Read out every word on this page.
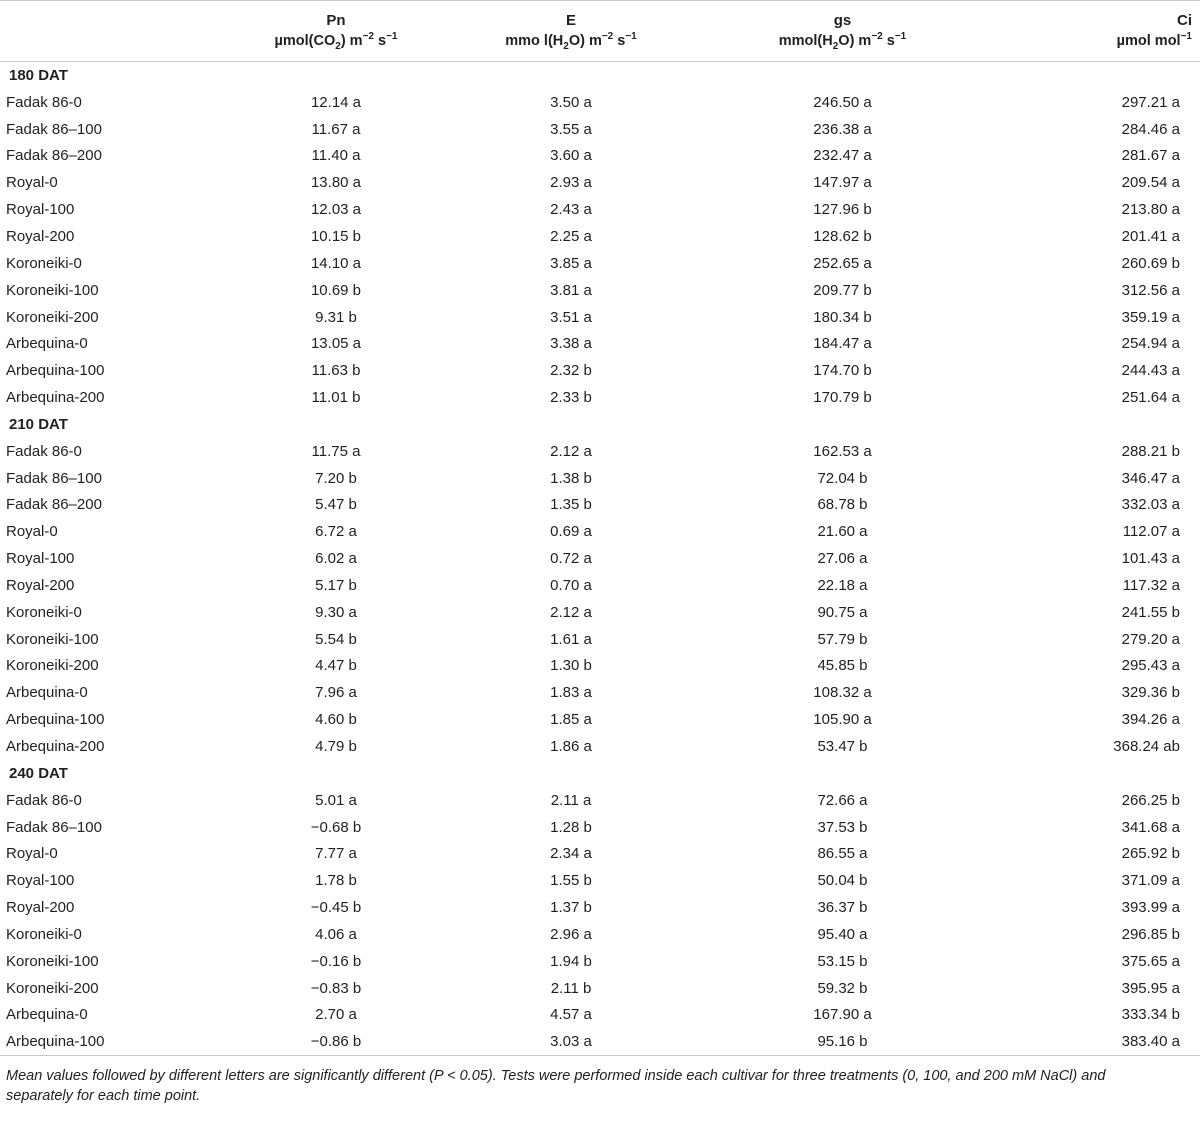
	Pn	E	gs	Ci
	$\mu mol(CO_2)$ $m^{-2}$ $s^{-1}$	mmo $l(H_2O)$ $m^{-2}$ $s^{-1}$	$mmol(H_2O)$ $m^{-2}$ $s^{-1}$	µmol mol$^{-1}$

180 DAT				
Fadak 86-0	12.14 a	3.50 a	246.50 a	297.21 a
Fadak 86–100	11.67 a	3.55 a	236.38 a	284.46 a
Fadak 86–200	11.40 a	3.60 a	232.47 a	281.67 a
Royal-0	13.80 a	2.93 a	147.97 a	209.54 a
Royal-100	12.03 a	2.43 a	127.96 b	213.80 a
Royal-200	10.15 b	2.25 a	128.62 b	201.41 a
Koroneiki-0	14.10 a	3.85 a	252.65 a	260.69 b
Koroneiki-100	10.69 b	3.81 a	209.77 b	312.56 a
Koroneiki-200	9.31 b	3.51 a	180.34 b	359.19 a
Arbequina-0	13.05 a	3.38 a	184.47 a	254.94 a
Arbequina-100	11.63 b	2.32 b	174.70 b	244.43 a
Arbequina-200	11.01 b	2.33 b	170.79 b	251.64 a
210 DAT				
Fadak 86-0	11.75 a	2.12 a	162.53 a	288.21 b
Fadak 86–100	7.20 b	1.38 b	72.04 b	346.47 a
Fadak 86–200	5.47 b	1.35 b	68.78 b	332.03 a
Royal-0	6.72 a	0.69 a	21.60 a	112.07 a
Royal-100	6.02 a	0.72 a	27.06 a	101.43 a
Royal-200	5.17 b	0.70 a	22.18 a	117.32 a
Koroneiki-0	9.30 a	2.12 a	90.75 a	241.55 b
Koroneiki-100	5.54 b	1.61 a	57.79 b	279.20 a
Koroneiki-200	4.47 b	1.30 b	45.85 b	295.43 a
Arbequina-0	7.96 a	1.83 a	108.32 a	329.36 b
Arbequina-100	4.60 b	1.85 a	105.90 a	394.26 a
Arbequina-200	4.79 b	1.86 a	53.47 b	368.24 ab
240 DAT				
Fadak 86-0	5.01 a	2.11 a	72.66 a	266.25 b
Fadak 86–100	−0.68 b	1.28 b	37.53 b	341.68 a
Royal-0	7.77 a	2.34 a	86.55 a	265.92 b
Royal-100	1.78 b	1.55 b	50.04 b	371.09 a
Royal-200	−0.45 b	1.37 b	36.37 b	393.99 a
Koroneiki-0	4.06 a	2.96 a	95.40 a	296.85 b
Koroneiki-100	−0.16 b	1.94 b	53.15 b	375.65 a
Koroneiki-200	−0.83 b	2.11 b	59.32 b	395.95 a
Arbequina-0	2.70 a	4.57 a	167.90 a	333.34 b
Arbequina-100	−0.86 b	3.03 a	95.16 b	383.40 a

Mean values followed by different letters are significantly different (P < 0.05). Tests were performed inside each cultivar for three treatments (0, 100, and 200 mM NaCl) and separately for each time point.				
